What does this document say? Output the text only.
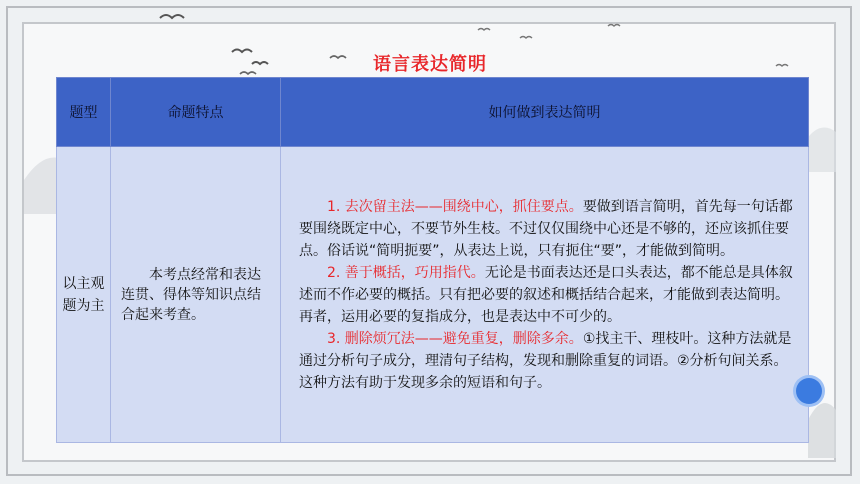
语言表达简明
题型	命题特点	如何做到表达简明
以主观题为主	本考点经常和表达连贯、得体等知识点结合起来考查。	1. 去次留主法——围绕中心，抓住要点。要做到语言简明，首先每一句话都要围绕既定中心，不要节外生枝。不过仅仅围绕中心还是不够的，还应该抓住要点。俗话说“简明扼要”，从表达上说，只有扼住“要”，才能做到简明。

2. 善于概括，巧用指代。无论是书面表达还是口头表达，都不能总是具体叙述而不作必要的概括。只有把必要的叙述和概括结合起来，才能做到表达简明。再者，运用必要的复指成分，也是表达中不可少的。

3. 删除烦冗法——避免重复，删除多余。①找主干、理枝叶。这种方法就是通过分析句子成分，理清句子结构，发现和删除重复的词语。②分析句间关系。这种方法有助于发现多余的短语和句子。
